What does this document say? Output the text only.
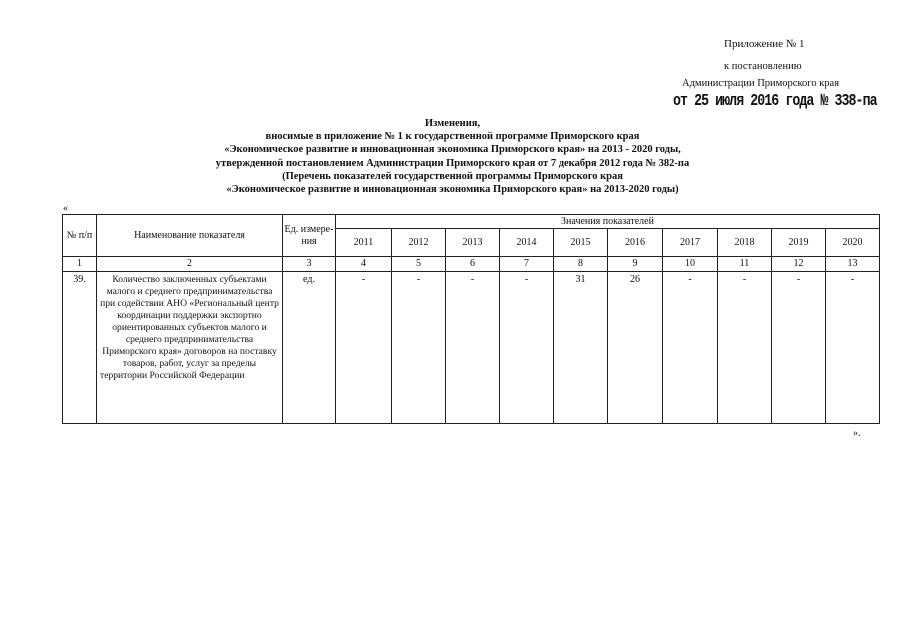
Приложение № 1
к постановлению
Администрации Приморского края
от 25 июля 2016 года № 338-па
Изменения,
вносимые в приложение № 1 к государственной программе Приморского края
«Экономическое развитие и инновационная экономика Приморского края» на 2013 - 2020 годы,
утвержденной постановлением Администрации Приморского края от 7 декабря 2012 года № 382-па
(Перечень показателей государственной программы Приморского края
«Экономическое развитие и инновационная экономика Приморского края» на 2013-2020 годы)
«
№ п/п	Наименование показателя	Ед. измере-ния	Значения показателей									
			2011	2012	2013	2014	2015	2016	2017	2018	2019	2020
1	2	3	4	5	6	7	8	9	10	11	12	13
39.	Количество заключенных субъектами малого и среднего предпринимательства при содействии АНО «Региональный центр координации поддержки экспортно ориентированных субъектов малого и среднего предпринимательства Приморского края» договоров на поставку товаров, работ, услуг за пределы территории Российской Федерации	ед.	-	-	-	-	31	26	-	-	-	-
».
